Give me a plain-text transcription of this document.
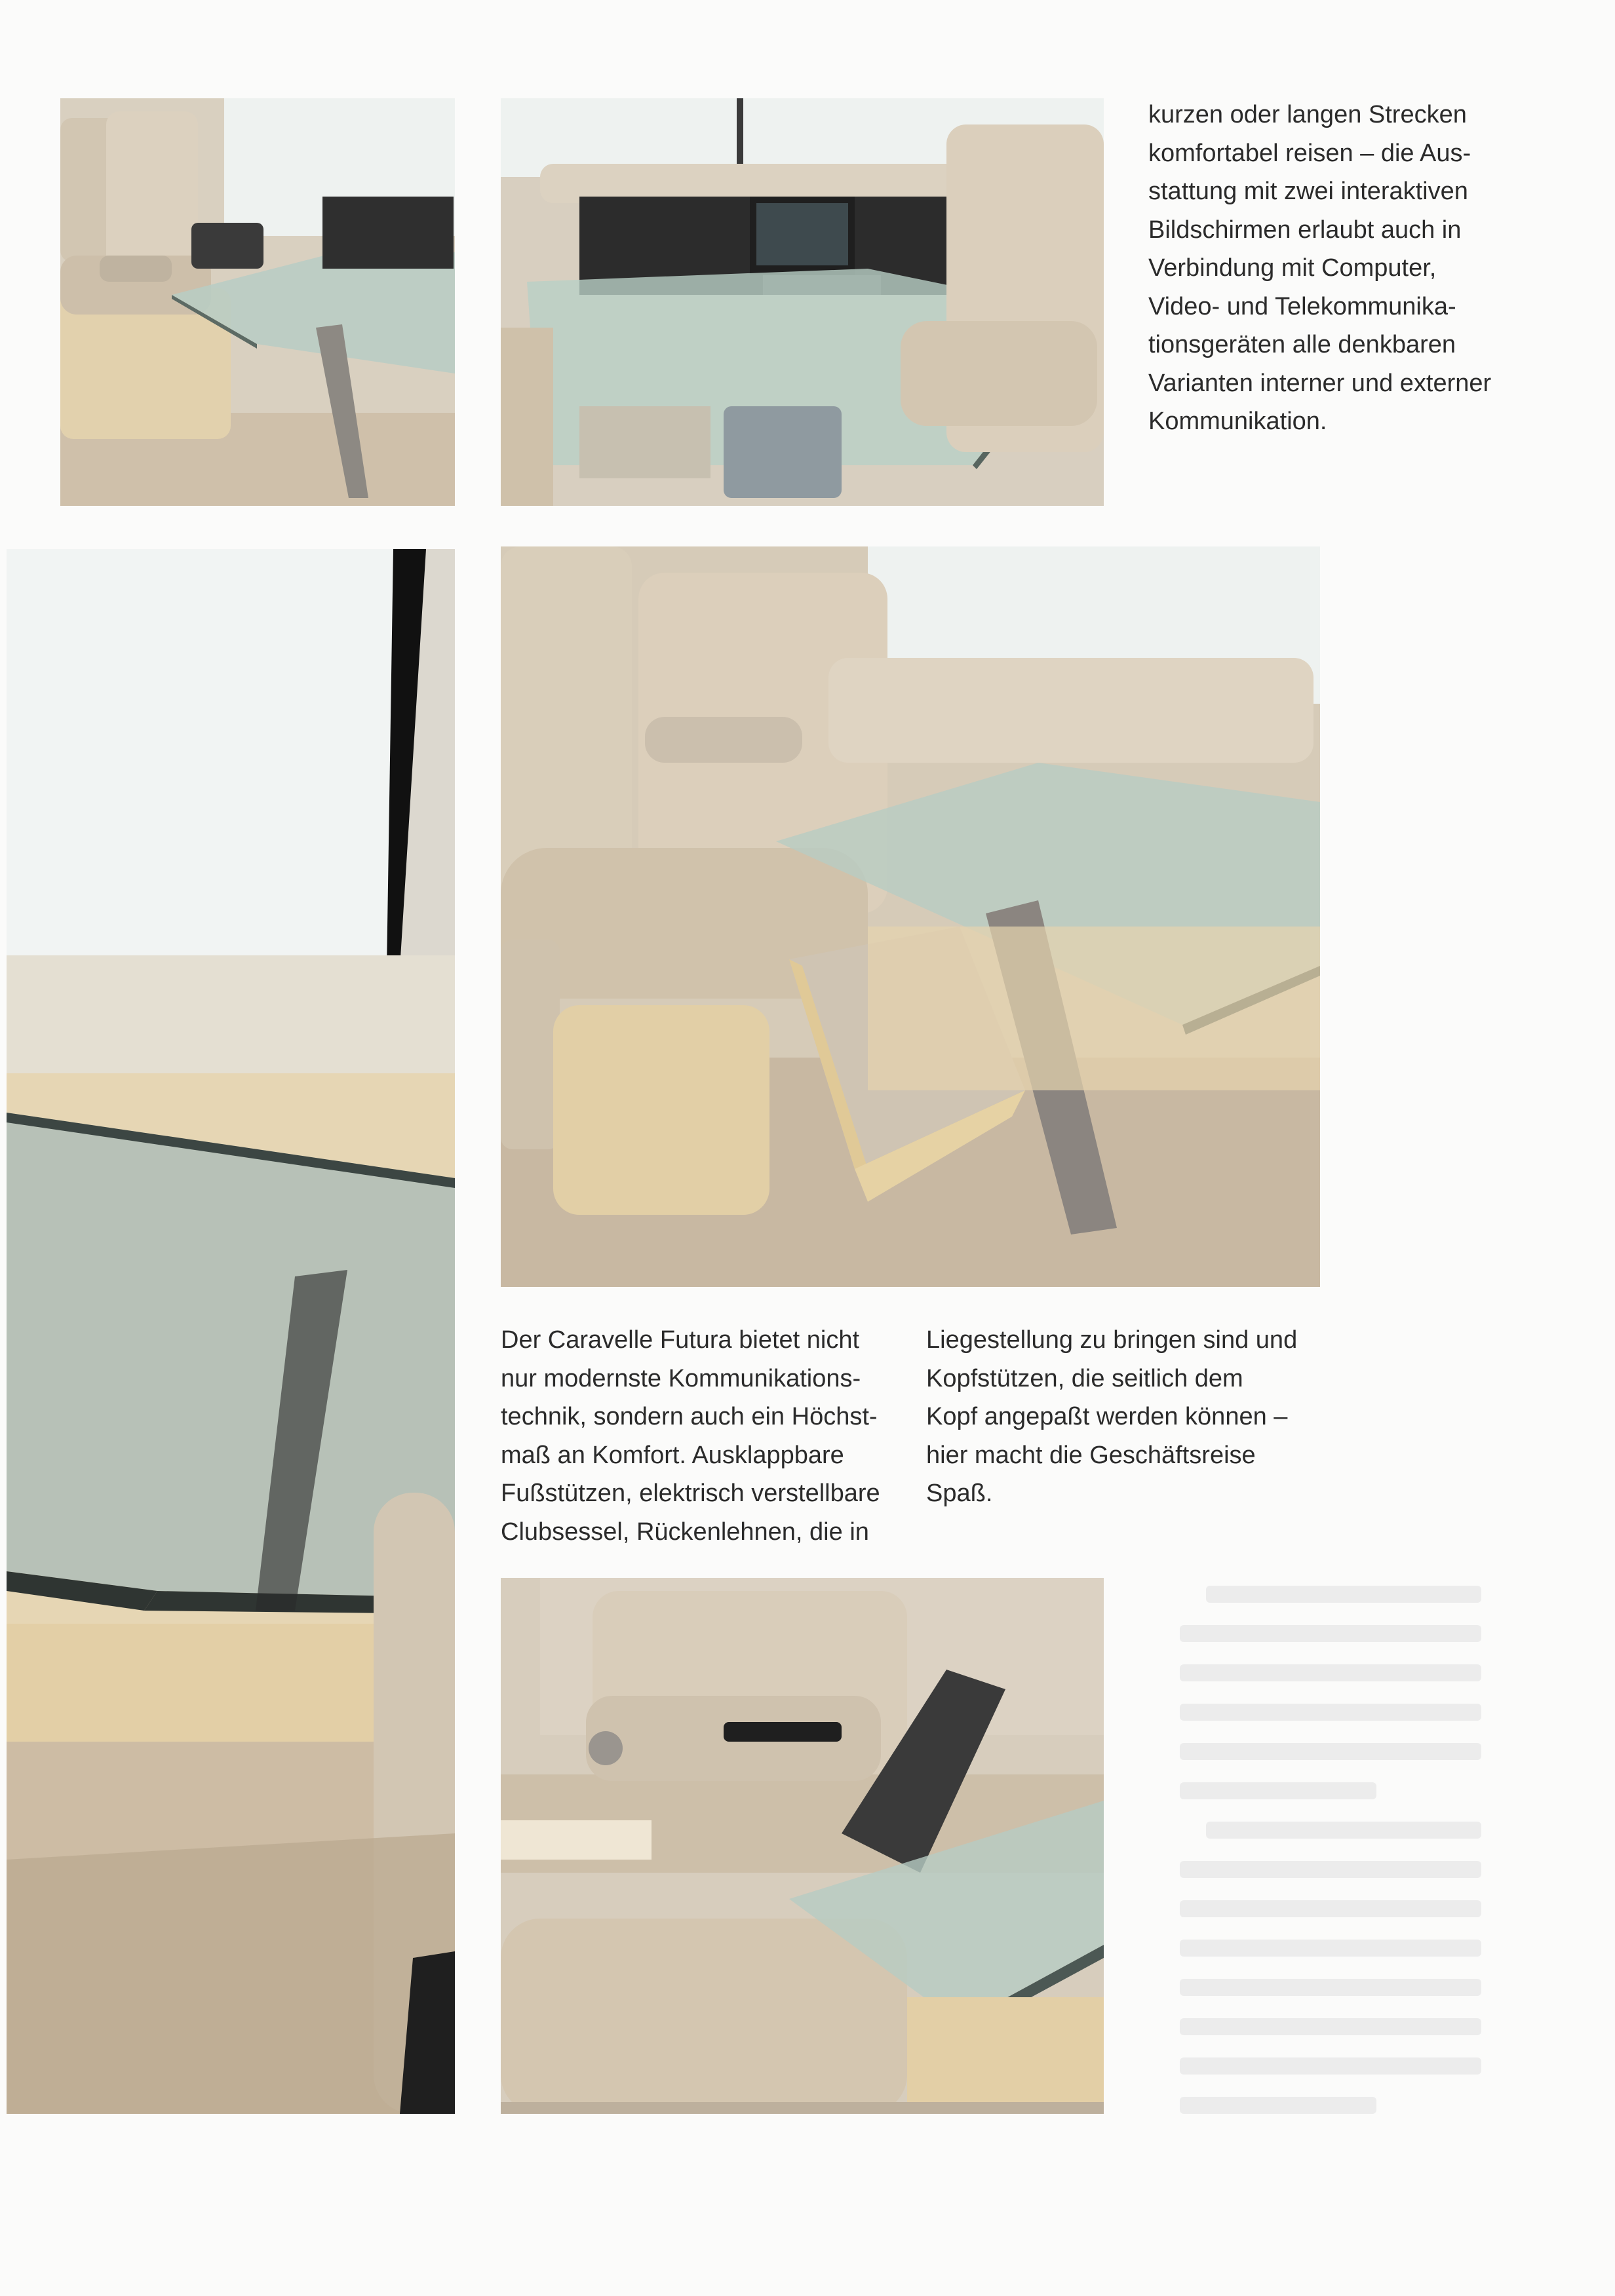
kurzen oder langen Strecken
komfortabel reisen – die Aus-
stattung mit zwei interaktiven
Bildschirmen erlaubt auch in
Verbindung mit Computer,
Video- und Telekommunika-
tionsgeräten alle denkbaren
Varianten interner und externer
Kommunikation.

Der Caravelle Futura bietet nicht
nur modernste Kommunikations-
technik, sondern auch ein Höchst-
maß an Komfort. Ausklappbare
Fußstützen, elektrisch verstellbare
Clubsessel, Rückenlehnen, die in

Liegestellung zu bringen sind und
Kopfstützen, die seitlich dem
Kopf angepaßt werden können –
hier macht die Geschäftsreise
Spaß.
